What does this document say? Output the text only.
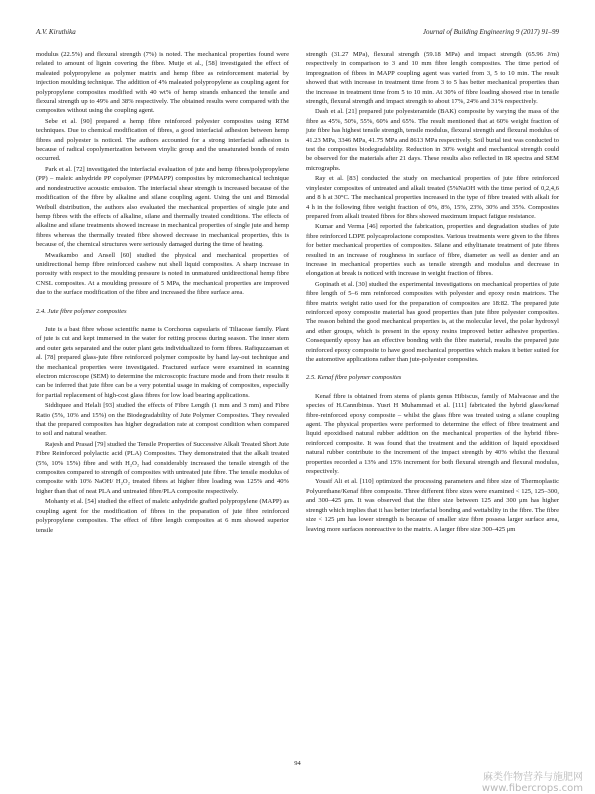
A.V. Kiruthika	Journal of Building Engineering 9 (2017) 91–99

modulus (22.5%) and flexural strength (7%) is noted. The mechanical properties found were related to amount of lignin covering the fibre. Mutje et al., [58] investigated the effect of maleated polypropylene as polymer matrix and hemp fibre as reinforcement material by injection moulding technique. The addition of 4% maleated polypropylene as coupling agent for polypropylene composites modified with 40 wt% of hemp strands enhanced the tensile and flexural strength up to 49% and 38% respectively. The obtained results were compared with the composites without using the coupling agent.

Sebe et al. [90] prepared a hemp fibre reinforced polyester composites using RTM techniques. Due to chemical modification of fibres, a good interfacial adhesion between hemp fibres and polyester is noticed. The authors accounted for a strong interfacial adhesion is because of radical copolymerization between vinylic group and the unsaturated bonds of resin occurred.

Park et al. [72] investigated the interfacial evaluation of jute and hemp fibres/polypropylene (PP) – maleic anhydride PP copolymer (PPMAPP) composites by micromechanical technique and nondestructive acoustic emission. The interfacial shear strength is increased because of the modification of the fibre by alkaline and silane coupling agent. Using the uni and Bimodal Weibull distribution, the authors also evaluated the mechanical properties of single jute and hemp fibres with the effects of alkaline, silane and thermally treated conditions. The effects of alkaline and silane treatments showed increase in mechanical properties of single jute and hemp fibres whereas the thermally treated fibre showed decrease in mechanical properties, this is because of, the chemical structures were seriously damaged during the time of heating.

Mwaikambo and Ansell [60] studied the physical and mechanical properties of unidirectional hemp fibre reinforced cashew nut shell liquid composites. A sharp increase in porosity with respect to the moulding pressure is noted in unmatured unidirectional hemp fibre CNSL composites. At a moulding pressure of 5 MPa, the mechanical properties are improved due to the surface modification of the fibre and increased the fibre surface area.

2.4. Jute fibre polymer composites

Jute is a bast fibre whose scientific name is Corchorus capsularis of Tiliaceae family. Plant of jute is cut and kept immersed in the water for retting process during season. The inner stem and outer gets separated and the outer plant gets individualized to form fibres. Rafiquzzaman et al. [78] prepared glass-jute fibre reinforced polymer composite by hand lay-out technique and the mechanical properties were investigated. Fractured surface were examined in scanning electron microscope (SEM) to determine the microscopic fracture mode and from their results it can be inferred that jute fibre can be a very potential usage in making of composites, especially for partial replacement of high-cost glass fibres for low load bearing applications.

Siddiquee and Helali [93] studied the effects of Fibre Length (1 mm and 3 mm) and Fibre Ratio (5%, 10% and 15%) on the Biodegradability of Jute Polymer Composites. They revealed that the prepared composites has higher degradation rate at compost condition when compared to soil and natural weather.

Rajesh and Prasad [79] studied the Tensile Properties of Successive Alkali Treated Short Jute Fibre Reinforced polylactic acid (PLA) Composites. They demonstrated that the alkali treated (5%, 10% 15%) fibre and with H₂O₂ had considerably increased the tensile strength of the composites compared to strength of composites with untreated jute fibre. The tensile modulus of composite with 10% NaOH/ H₂O₂ treated fibres at higher fibre loading was 125% and 40% higher than that of neat PLA and untreated fibre/PLA composite respectively.

Mohanty et al. [54] studied the effect of maleic anhydride grafted polypropylene (MAPP) as coupling agent for the modification of fibres in the preparation of jute fibre reinforced polypropylene composites. The effect of fibre length composites at 6 mm showed superior tensile

strength (31.27 MPa), flexural strength (59.18 MPa) and impact strength (65.96 J/m) respectively in comparison to 3 and 10 mm fibre length composites. The time period of impregnation of fibres in MAPP coupling agent was varied from 3, 5 to 10 min. The result showed that with increase in treatment time from 3 to 5 has better mechanical properties than the increase in treatment time from 5 to 10 min. At 30% of fibre loading showed rise in tensile strength, flexural strength and impact strength to about 17%, 24% and 31% respectively.

Dash et al. [21] prepared jute polyesteramide (BAK) composite by varying the mass of the fibre as 45%, 50%, 55%, 60% and 65%. The result mentioned that at 60% weight fraction of jute fibre has highest tensile strength, tensile modulus, flexural strength and flexural modulus of 41.23 MPa, 3346 MPa, 41.75 MPa and 8613 MPa respectively. Soil burial test was conducted to test the composites biodegradability. Reduction in 30% weight and mechanical strength could be observed for the materials after 21 days. These results also reflected in IR spectra and SEM micrographs.

Ray et al. [83] conducted the study on mechanical properties of jute fibre reinforced vinylester composites of untreated and alkali treated (5%NaOH with the time period of 0,2,4,6 and 8 h at 30°C. The mechanical properties increased in the type of fibre treated with alkali for 4 h in the following fibre weight fraction of 0%, 8%, 15%, 23%, 30% and 35%. Composites prepared from alkali treated fibres for 8hrs showed maximum impact fatigue resistance.

Kumar and Verma [46] reported the fabrication, properties and degradation studies of jute fibre reinforced LDPE polycaprolactone composites. Various treatments were given to the fibres for better mechanical properties of composites. Silane and ethylitanate treatment of jute fibres resulted in an increase of roughness in surface of fibre, diameter as well as denier and an increase in mechanical properties such as tensile strength and modulus and decrease in elongation at break is noticed with increase in weight fraction of fibres.

Gopinath et al. [30] studied the experimental investigations on mechanical properties of jute fibre length of 5–6 mm reinforced composites with polyester and epoxy resin matrices. The fibre matrix weight ratio used for the preparation of composites are 18:82. The prepared jute reinforced epoxy composite material has good properties than jute fibre polyester composites. The reason behind the good mechanical properties is, at the molecular level, the polar hydroxyl and ether groups, which is present in the epoxy resins improved better adhesive properties. Consequently epoxy has an effective bonding with the fibre material, results the prepared jute reinforced epoxy composite to have good mechanical properties which makes it better suited for the automotive applications rather than jute-polyester composites.

2.5. Kenaf fibre polymer composites

Kenaf fibre is obtained from stems of plants genus Hibiscus, family of Malvaceae and the species of H.Cannibinus. Yusri H Muhammad et al. [111] fabricated the hybrid glass/kenaf fibre-reinforced epoxy composite – whilst the glass fibre was treated using a silane coupling agent. The physical properties were performed to determine the effect of fibre treatment and liquid epoxidised natural rubber addition on the mechanical properties of the hybrid fibre-reinforced composite. It was found that the treatment and the addition of liquid epoxidised natural rubber contribute to the increment of the impact strength by 40% whilst the flexural properties recorded a 13% and 15% increment for both flexural strength and flexural modulus, respectively.

Yousif Ali et al. [110] optimized the processing parameters and fibre size of Thermoplastic Polyurethane/Kenaf fibre composite. Three different fibre sizes were examined < 125, 125–300, and 300–425 μm. It was observed that the fibre size between 125 and 300 μm has higher strength which implies that it has better interfacial bonding and wettability in the fibre. The fibre size < 125 μm has lower strength is because of smaller size fibre possess larger surface area, leaving more surfaces nonreactive to the matrix. A larger fibre size 300–425 μm

94
麻类作物营养与施肥网
www.fibercrops.com
